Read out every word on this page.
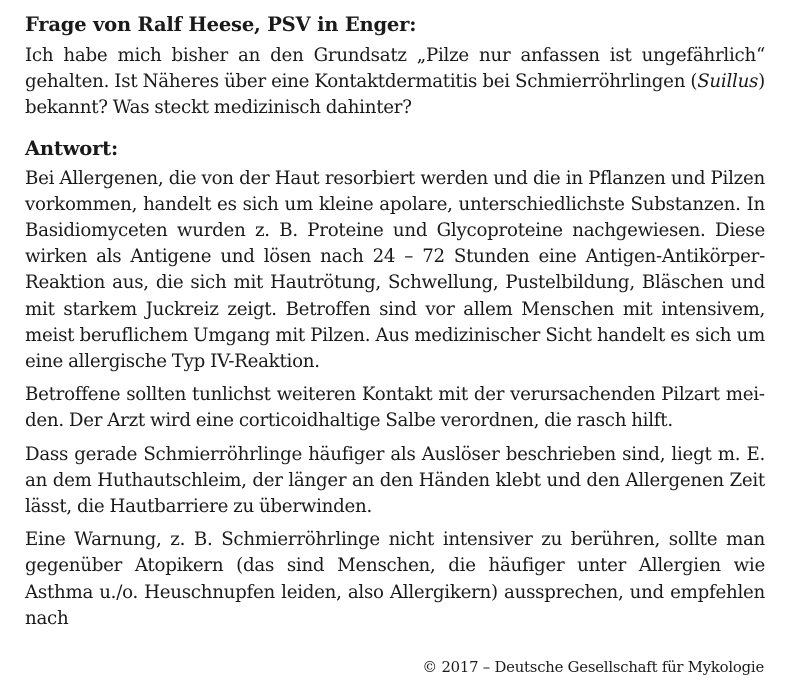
Frage von Ralf Heese, PSV in Enger:

Ich habe mich bisher an den Grundsatz „Pilze nur anfassen ist ungefährlich“ gehalten. Ist Näheres über eine Kontaktdermatitis bei Schmierröhrlingen (Suillus) bekannt? Was steckt medizinisch dahinter?

Antwort:

Bei Allergenen, die von der Haut resorbiert werden und die in Pflanzen und Pilzen vorkommen, handelt es sich um kleine apolare, unterschiedlichste Substanzen. In Basidiomyceten wurden z. B. Proteine und Glycoproteine nachgewiesen. Diese wirken als Antigene und lösen nach 24 – 72 Stunden eine Antigen-Antikörper-Reaktion aus, die sich mit Hautrötung, Schwellung, Pustelbildung, Bläschen und mit starkem Juckreiz zeigt. Betroffen sind vor allem Menschen mit intensivem, meist beruflichem Umgang mit Pilzen. Aus medizinischer Sicht handelt es sich um eine allergische Typ IV-Reaktion.

Betroffene sollten tunlichst weiteren Kontakt mit der verursachenden Pilzart meiden. Der Arzt wird eine corticoidhaltige Salbe verordnen, die rasch hilft.

Dass gerade Schmierröhrlinge häufiger als Auslöser beschrieben sind, liegt m. E. an dem Huthautschleim, der länger an den Händen klebt und den Allergenen Zeit lässt, die Hautbarriere zu überwinden.

Eine Warnung, z. B. Schmierröhrlinge nicht intensiver zu berühren, sollte man gegenüber Atopikern (das sind Menschen, die häufiger unter Allergien wie Asthma u./o. Heuschnupfen leiden, also Allergikern) aussprechen, und empfehlen nach

© 2017 – Deutsche Gesellschaft für Mykologie
